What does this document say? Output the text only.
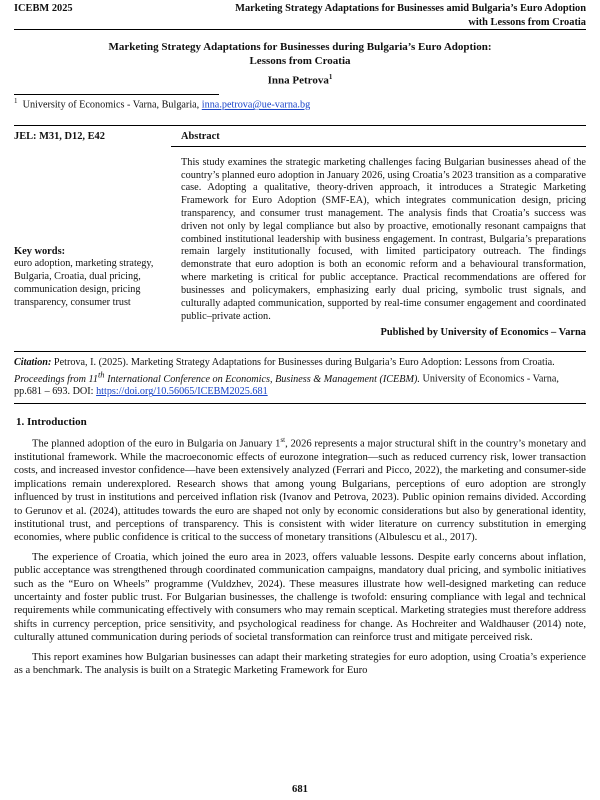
ICEBM 2025	Marketing Strategy Adaptations for Businesses amid Bulgaria’s Euro Adoption
with Lessons from Croatia
Marketing Strategy Adaptations for Businesses during Bulgaria’s Euro Adoption:
Lessons from Croatia
Inna Petrova$^1$
$^1$ University of Economics - Varna, Bulgaria, inna.petrova@ue-varna.bg
JEL: M31, D12, E42
Key words:
euro adoption, marketing strategy, Bulgaria, Croatia, dual pricing, communication design, pricing transparency, consumer trust
Abstract
This study examines the strategic marketing challenges facing Bulgarian businesses ahead of the country’s planned euro adoption in January 2026, using Croatia’s 2023 transition as a comparative case. Adopting a qualitative, theory-driven approach, it introduces a Strategic Marketing Framework for Euro Adoption (SMF-EA), which integrates communication design, pricing transparency, and consumer trust management. The analysis finds that Croatia’s success was driven not only by legal compliance but also by proactive, emotionally resonant campaigns that combined institutional leadership with business engagement. In contrast, Bulgaria’s preparations remain largely institutionally focused, with limited participatory outreach. The findings demonstrate that euro adoption is both an economic reform and a behavioural transformation, where marketing is critical for public acceptance. Practical recommendations are offered for businesses and policymakers, emphasizing early dual pricing, symbolic trust signals, and culturally adapted communication, supported by real-time consumer engagement and coordinated public–private action.
Published by University of Economics – Varna
Citation: Petrova, I. (2025). Marketing Strategy Adaptations for Businesses during Bulgaria’s Euro Adoption: Lessons from Croatia. Proceedings from 11th International Conference on Economics, Business & Management (ICEBM). University of Economics - Varna, pp.681 – 693. DOI: https://doi.org/10.56065/ICEBM2025.681
1. Introduction

The planned adoption of the euro in Bulgaria on January 1st, 2026 represents a major structural shift in the country’s monetary and institutional framework. While the macroeconomic effects of eurozone integration—such as reduced currency risk, lower transaction costs, and increased investor confidence—have been extensively analyzed (Ferrari and Picco, 2022), the marketing and consumer-side implications remain underexplored. Research shows that among young Bulgarians, perceptions of euro adoption are strongly influenced by trust in institutions and perceived inflation risk (Ivanov and Petrova, 2023). Public opinion remains divided. According to Gerunov et al. (2024), attitudes towards the euro are shaped not only by economic considerations but also by generational identity, institutional trust, and perceptions of transparency. This is consistent with wider literature on currency substitution in emerging economies, where public confidence is critical to the success of monetary transitions (Albulescu et al., 2017).

The experience of Croatia, which joined the euro area in 2023, offers valuable lessons. Despite early concerns about inflation, public acceptance was strengthened through coordinated communication campaigns, mandatory dual pricing, and symbolic initiatives such as the “Euro on Wheels” programme (Vuldzhev, 2024). These measures illustrate how well-designed marketing can reduce uncertainty and foster public trust. For Bulgarian businesses, the challenge is twofold: ensuring compliance with legal and technical requirements while communicating effectively with consumers who may remain sceptical. Marketing strategies must therefore address shifts in currency perception, price sensitivity, and psychological readiness for change. As Hochreiter and Waldhauser (2014) note, culturally attuned communication during periods of societal transformation can reinforce trust and mitigate perceived risk.

This report examines how Bulgarian businesses can adapt their marketing strategies for euro adoption, using Croatia’s experience as a benchmark. The analysis is built on a Strategic Marketing Framework for Euro

681
